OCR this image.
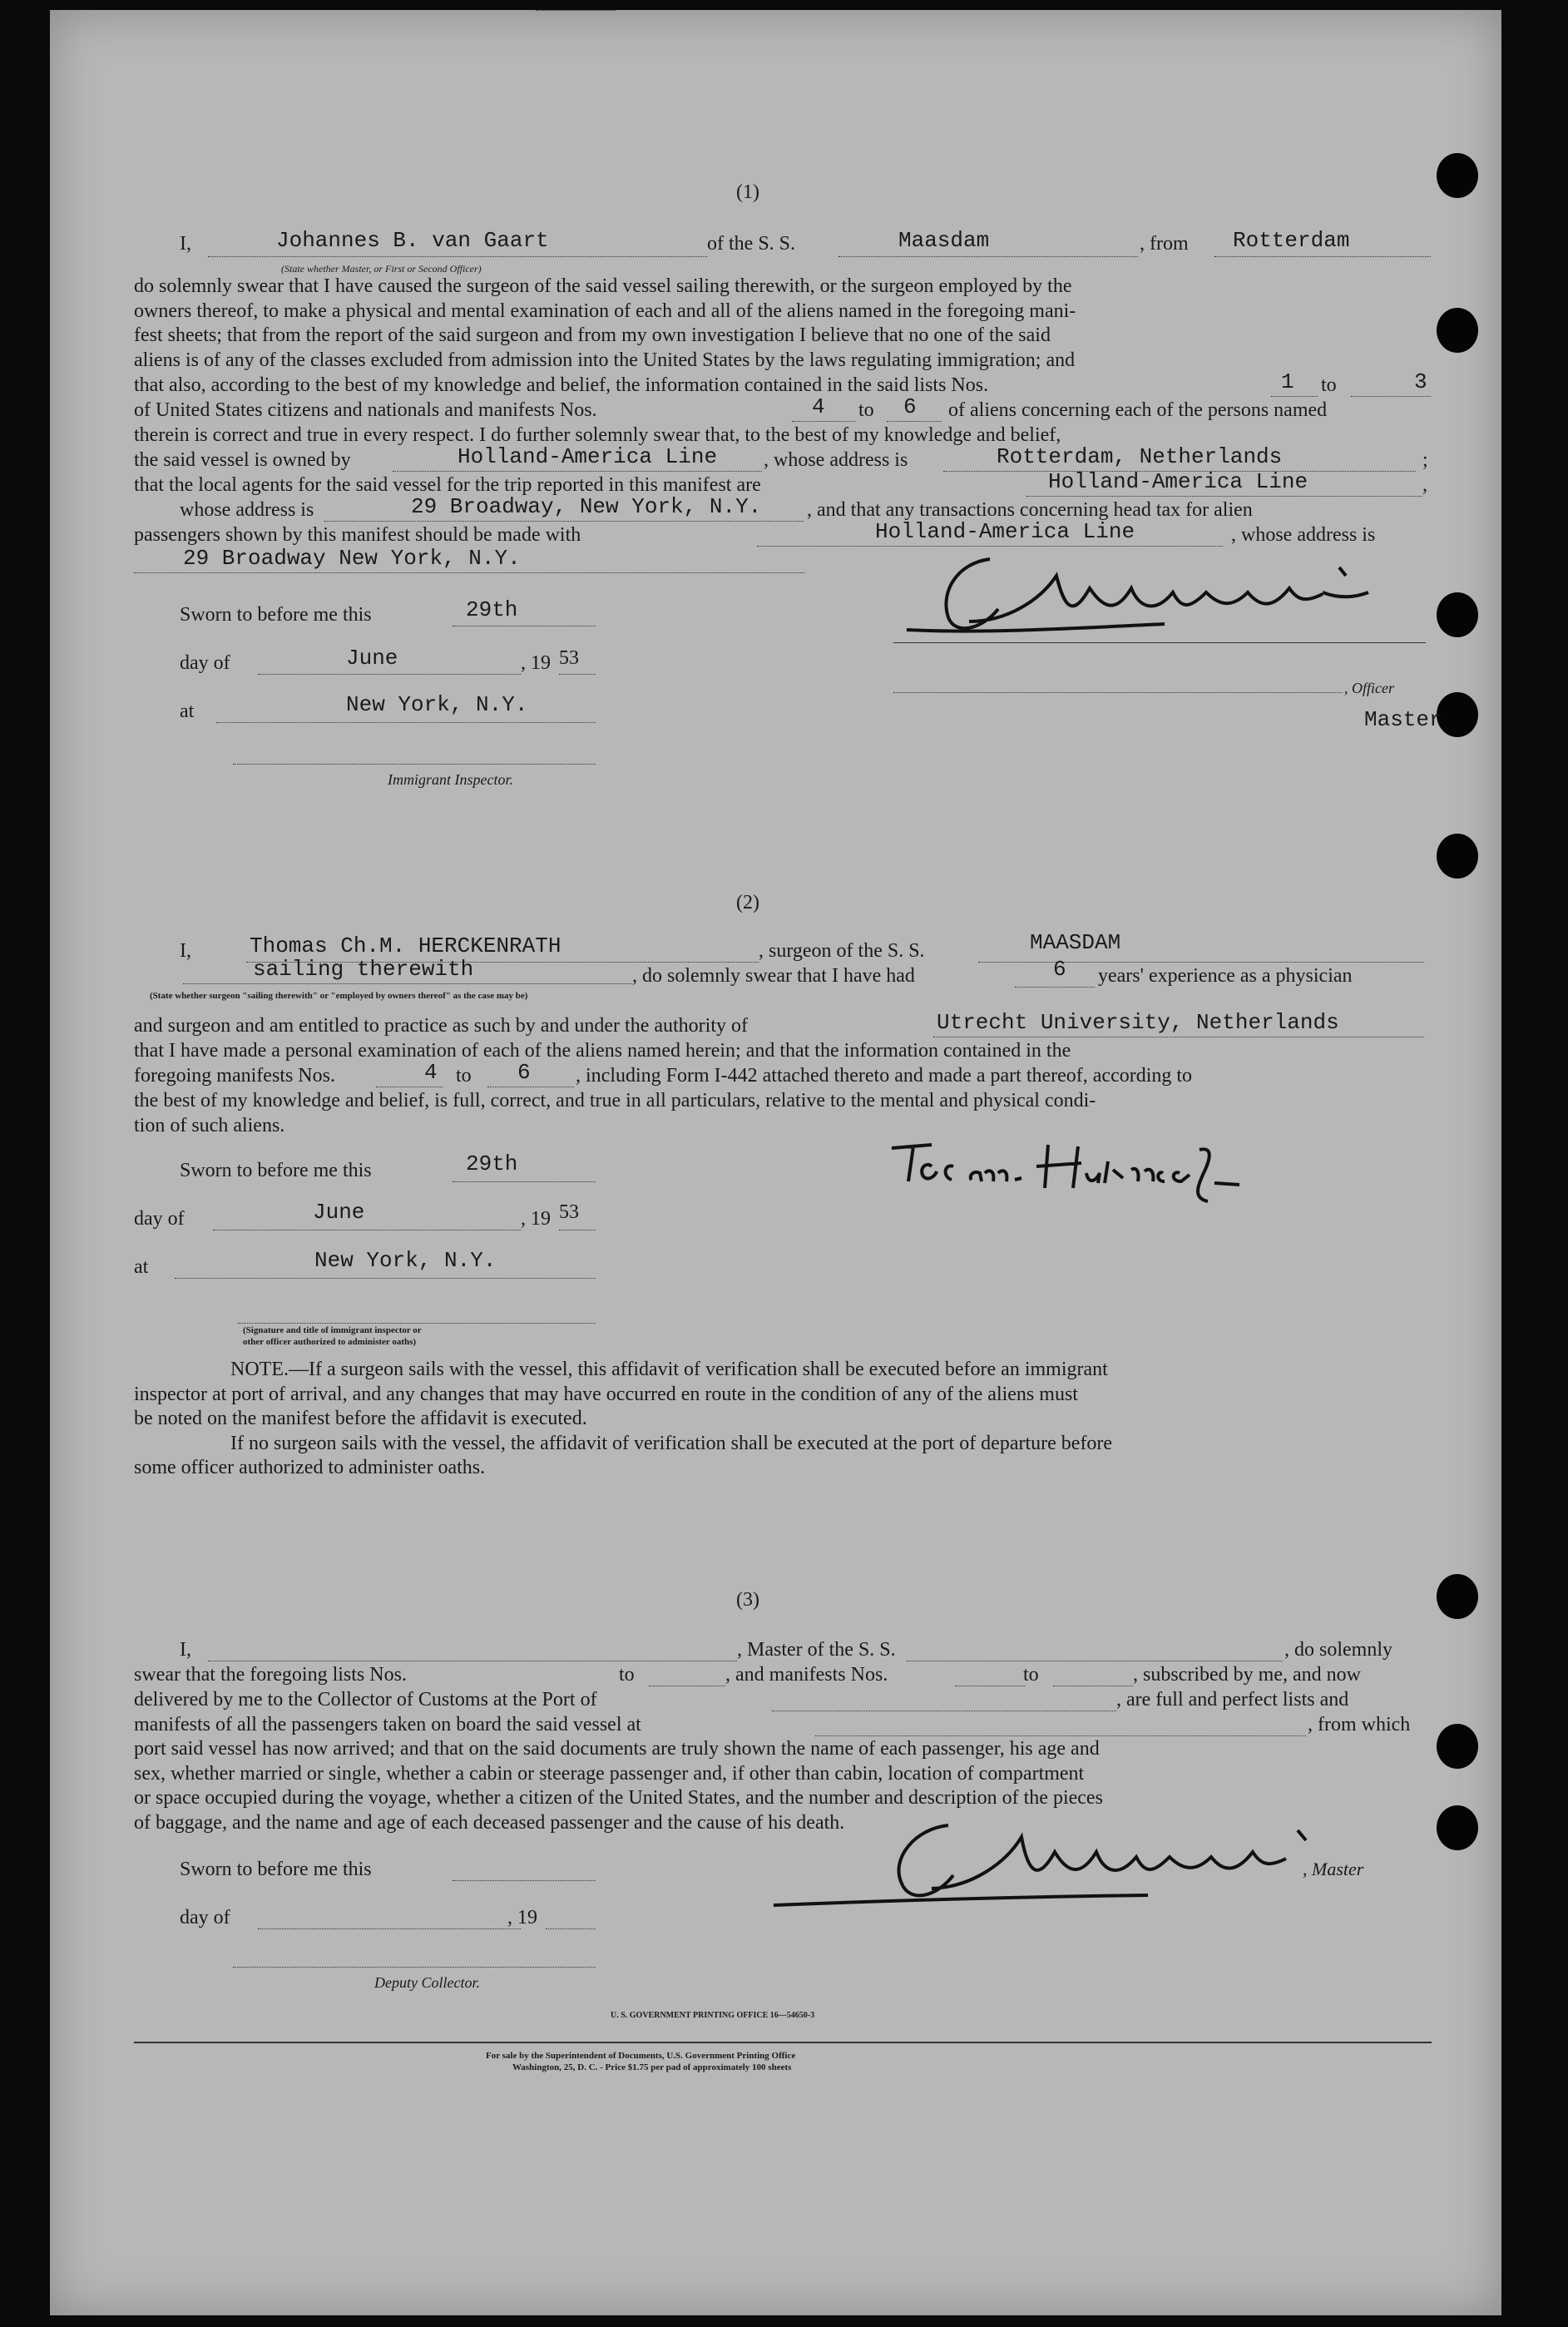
(1)
I,	Johannes B. van Gaart
(State whether Master, or First or Second Officer)
of the S. S.	Maasdam	, from Rotterdam
do solemnly swear that I have caused the surgeon of the said vessel sailing therewith, or the surgeon employed by the
owners thereof, to make a physical and mental examination of each and all of the aliens named in the foregoing mani-
fest sheets; that from the report of the said surgeon and from my own investigation I believe that no one of the said
aliens is of any of the classes excluded from admission into the United States by the laws regulating immigration; and
that also, according to the best of my knowledge and belief, the information contained in the said lists Nos.	1 to	3
of United States citizens and nationals and manifests Nos.	4 to 6 of aliens concerning each of the persons named
therein is correct and true in every respect. I do further solemnly swear that, to the best of my knowledge and belief,
the said vessel is owned by	Holland-America Line , whose address is	Rotterdam, Netherlands	;
that the local agents for the said vessel for the trip reported in this manifest are	Holland-America Line	,
whose address is	29 Broadway, New York, N.Y. , and that any transactions concerning head tax for alien
passengers shown by this manifest should be made with	Holland-America Line	, whose address is
29 Broadway New York, N.Y.
Sworn to before me this	29th
day of	June	, 19 53
, Officer
Master
at	New York, N.Y.
Immigrant Inspector.
(2)
I,	Thomas Ch.M. HERCKENRATH	, surgeon of the S. S.	MAASDAM
sailing therewith	, do solemnly swear that I have had	6 years' experience as a physician
(State whether surgeon "sailing therewith" or "employed by owners thereof" as the case may be)
and surgeon and am entitled to practice as such by and under the authority of	Utrecht University, Netherlands
that I have made a personal examination of each of the aliens named herein; and that the information contained in the
foregoing manifests Nos.	4 to 6 , including Form I-442 attached thereto and made a part thereof, according to
the best of my knowledge and belief, is full, correct, and true in all particulars, relative to the mental and physical condi-
tion of such aliens.
Sworn to before me this	29th
day of	June	, 19 53
at	New York, N.Y.
(Signature and title of immigrant inspector or
other officer authorized to administer oaths)
NOTE.—If a surgeon sails with the vessel, this affidavit of verification shall be executed before an immigrant
inspector at port of arrival, and any changes that may have occurred en route in the condition of any of the aliens must
be noted on the manifest before the affidavit is executed.
If no surgeon sails with the vessel, the affidavit of verification shall be executed at the port of departure before
some officer authorized to administer oaths.
(3)
I,	, Master of the S. S.	, do solemnly
swear that the foregoing lists Nos.	to	, and manifests Nos.	to	, subscribed by me, and now
delivered by me to the Collector of Customs at the Port of	, are full and perfect lists and
manifests of all the passengers taken on board the said vessel at	, from which
port said vessel has now arrived; and that on the said documents are truly shown the name of each passenger, his age and
sex, whether married or single, whether a cabin or steerage passenger and, if other than cabin, location of compartment
or space occupied during the voyage, whether a citizen of the United States, and the number and description of the pieces
of baggage, and the name and age of each deceased passenger and the cause of his death.
Sworn to before me this	, Master
day of	, 19
Deputy Collector.
U. S. GOVERNMENT PRINTING OFFICE 16—54650-3
For sale by the Superintendent of Documents, U.S. Government Printing Office
Washington, 25, D. C. - Price $1.75 per pad of approximately 100 sheets
